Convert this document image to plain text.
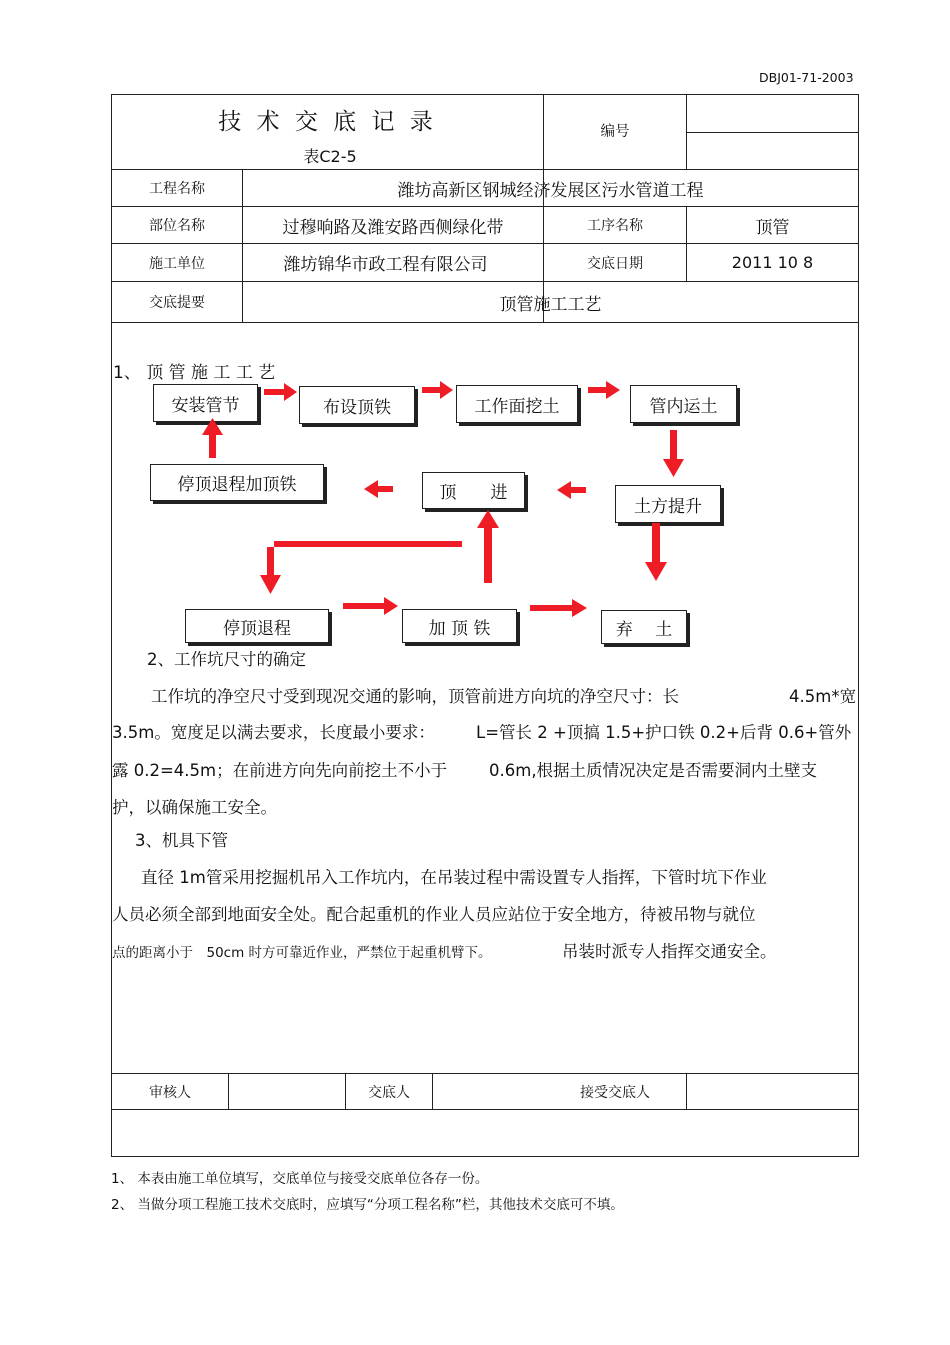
DBJ01-71-2003
技 术 交 底 记 录
表C2-5
编号
工程名称	潍坊高新区钢城经济发展区污水管道工程
部位名称	过穆响路及潍安路西侧绿化带	工序名称	顶管
施工单位	潍坊锦华市政工程有限公司	交底日期	2011 10 8
交底提要	顶管施工工艺
1、 顶 管 施 工 工 艺
安装管节	布设顶铁	工作面挖土	管内运土
停顶退程加顶铁	顶　　进
土方提升
停顶退程	加 顶 铁	弃　 土
2、工作坑尺寸的确定
工作坑的净空尺寸受到现况交通的影响，顶管前进方向坑的净空尺寸：长	4.5m*宽
3.5m。宽度足以满去要求，长度最小要求： L=管长 2 +顶搞 1.5+护口铁 0.2+后背 0.6+管外
露 0.2=4.5m；在前进方向先向前挖土不小于	0.6m,根据土质情况决定是否需要洞内土壁支
护，以确保施工安全。
3、机具下管
直径 1m管采用挖掘机吊入工作坑内，在吊装过程中需设置专人指挥，下管时坑下作业
人员必须全部到地面安全处。配合起重机的作业人员应站位于安全地方，待被吊物与就位
点的距离小于　50cm 时方可靠近作业，严禁位于起重机臂下。	吊装时派专人指挥交通安全。
审核人	交底人	接受交底人
1、 本表由施工单位填写，交底单位与接受交底单位各存一份。
2、 当做分项工程施工技术交底时，应填写“分项工程名称”栏，其他技术交底可不填。
